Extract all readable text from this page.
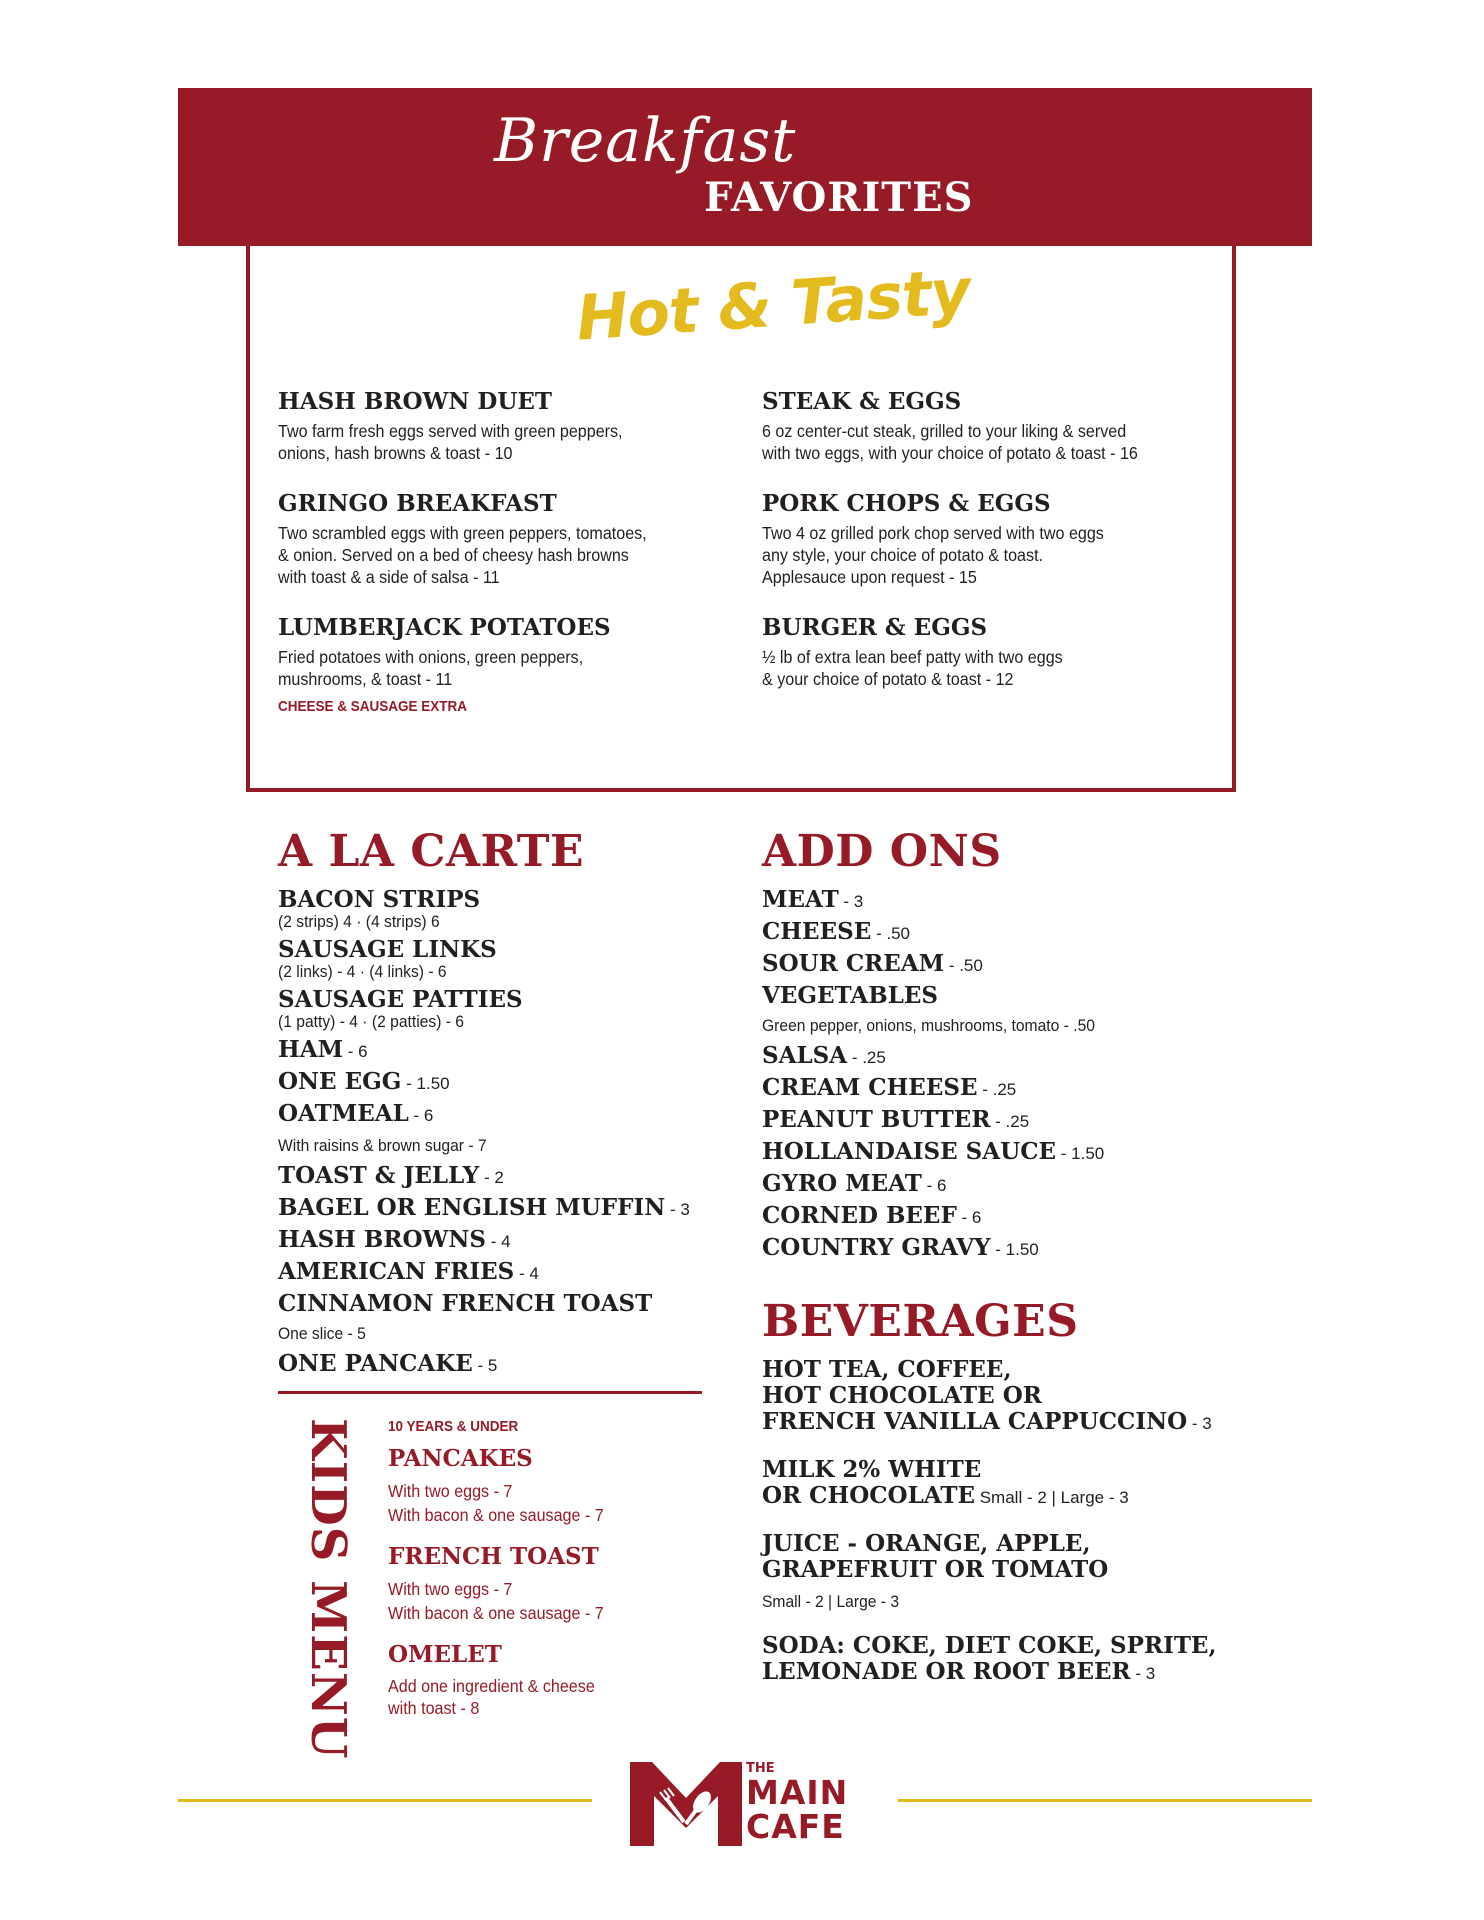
Breakfast
FAVORITES
Hot & Tasty

HASH BROWN DUET

Two farm fresh eggs served with green peppers,
onions, hash browns & toast - 10

GRINGO BREAKFAST

Two scrambled eggs with green peppers, tomatoes,
& onion. Served on a bed of cheesy hash browns
with toast & a side of salsa - 11

LUMBERJACK POTATOES

Fried potatoes with onions, green peppers,
mushrooms, & toast - 11
CHEESE & SAUSAGE EXTRA

STEAK & EGGS

6 oz center-cut steak, grilled to your liking & served
with two eggs, with your choice of potato & toast - 16

PORK CHOPS & EGGS

Two 4 oz grilled pork chop served with two eggs
any style, your choice of potato & toast.
Applesauce upon request - 15

BURGER & EGGS

½ lb of extra lean beef patty with two eggs
& your choice of potato & toast - 12

A LA CARTE

BACON STRIPS
(2 strips) 4 · (4 strips) 6
SAUSAGE LINKS
(2 links) - 4 · (4 links) - 6
SAUSAGE PATTIES
(1 patty) - 4 · (2 patties) - 6
HAM - 6
ONE EGG - 1.50
OATMEAL - 6
With raisins & brown sugar - 7
TOAST & JELLY - 2
BAGEL OR ENGLISH MUFFIN - 3
HASH BROWNS - 4
AMERICAN FRIES - 4
CINNAMON FRENCH TOAST
One slice - 5
ONE PANCAKE - 5

ADD ONS

MEAT - 3
CHEESE - .50
SOUR CREAM - .50
VEGETABLES
Green pepper, onions, mushrooms, tomato - .50
SALSA - .25
CREAM CHEESE - .25
PEANUT BUTTER - .25
HOLLANDAISE SAUCE - 1.50
GYRO MEAT - 6
CORNED BEEF - 6
COUNTRY GRAVY - 1.50

BEVERAGES

HOT TEA, COFFEE,

HOT CHOCOLATE OR

FRENCH VANILLA CAPPUCCINO - 3

MILK 2% WHITE

OR CHOCOLATE Small - 2 | Large - 3

JUICE - ORANGE, APPLE,

GRAPEFRUIT OR TOMATO

Small - 2 | Large - 3

SODA: COKE, DIET COKE, SPRITE,

LEMONADE OR ROOT BEER - 3

KIDS MENU 10 YEARS & UNDER

PANCAKES

With two eggs - 7
With bacon & one sausage - 7

FRENCH TOAST

With two eggs - 7
With bacon & one sausage - 7

OMELET

Add one ingredient & cheese
with toast - 8
THE
MAIN
CAFE
